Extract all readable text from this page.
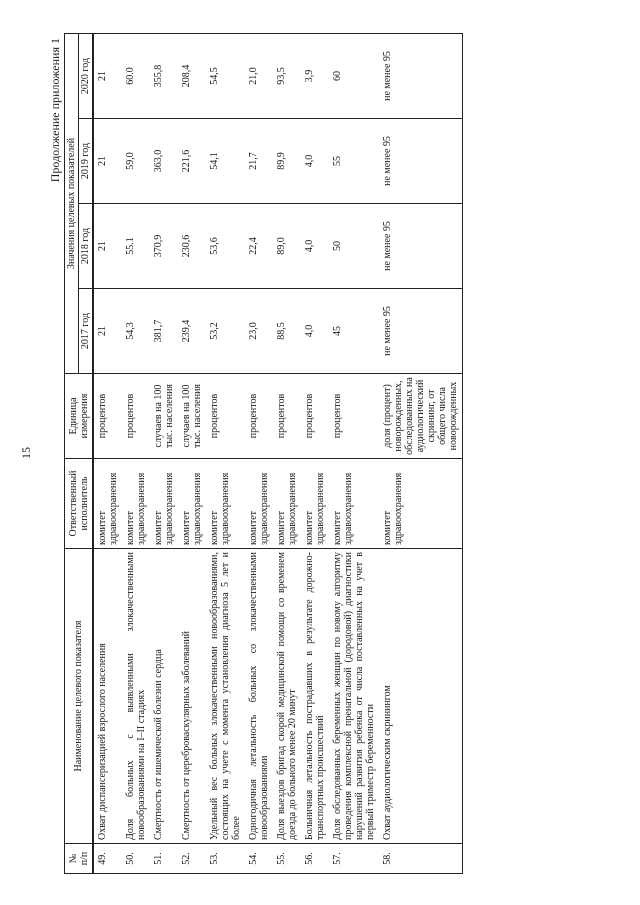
15
Продолжение приложения 1
№
п/п	Наименование целевого показателя	Ответственный исполнитель	Единица измерения	Значения целевых показателей			
				2017 год	2018 год	2019 год	2020 год

49.	Охват диспансеризацией взрослого населения	комитет здравоохранения	процентов	21	21	21	21
50.	Доля больных с выявленными злокачественными новообразованиями на I–II стадиях	комитет здравоохранения	процентов	54,3	55.1	59,0	60.0
51.	Смертность от ишемической болезни сердца	комитет здравоохранения	случаев на 100 тыс. населения	381,7	370,9	363,0	355,8
52.	Смертность от цереброваскулярных заболеваний	комитет здравоохранения	случаев на 100 тыс. населения	239,4	230,6	221,6	208,4
53.	Удельный вес больных злокачественными новообразованиями, состоящих на учете с момента установления диагноза 5 лет и более	комитет здравоохранения	процентов	53,2	53,6	54,1	54,5
54.	Одногодичная летальность больных со злокачественными новообразованиями	комитет здравоохранения	процентов	23,0	22,4	21,7	21,0
55.	Доля выездов бригад скорой медицинской помощи со временем доезда до больного менее 20 минут	комитет здравоохранения	процентов	88,5	89,0	89,9	93,5
56.	Больничная летальность пострадавших в результате дорожно-транспортных происшествий	комитет здравоохранения	процентов	4,0	4,0	4,0	3,9
57.	Доля обследованных беременных женщин по новому алгоритму проведения комплексной пренатальной (дородовой) диагностики нарушений развития ребенка от числа поставленных на учет в первый триместр беременности	комитет здравоохранения	процентов	45	50	55	60
58.	Охват аудиологическим скринингом	комитет здравоохранения	доля (процент) новорожденных, обследованных на аудиологический скрининг, от общего числа новорожденных	не менее 95	не менее 95	не менее 95	не менее 95
